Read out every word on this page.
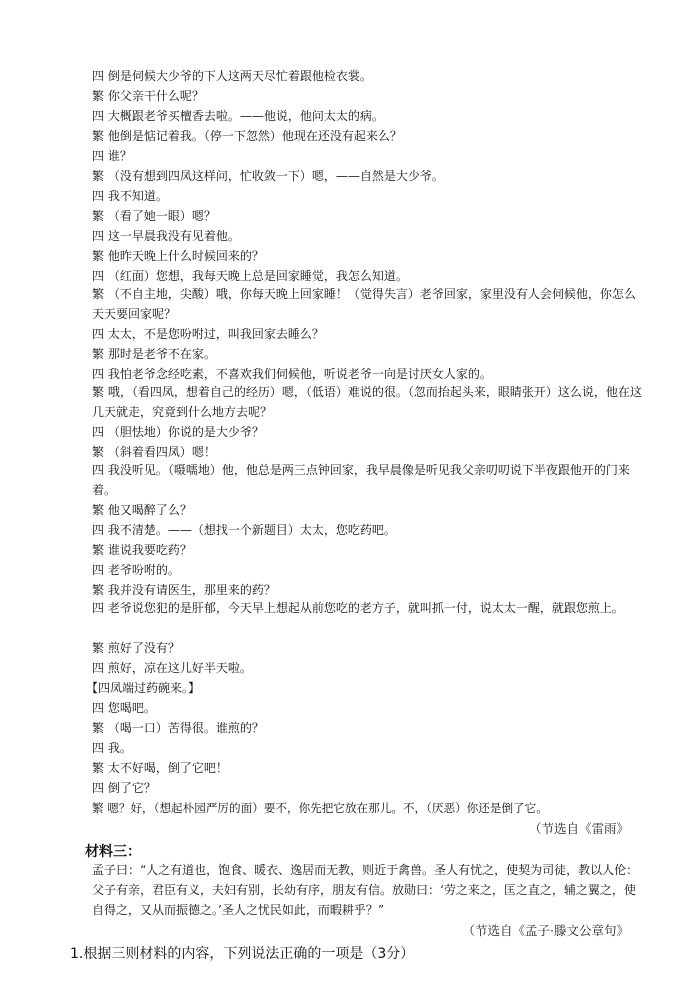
四 倒是伺候大少爷的下人这两天尽忙着跟他检衣裳。
繁 你父亲干什么呢？
四 大概跟老爷买檀香去啦。——他说，他问太太的病。
繁 他倒是惦记着我。（停一下忽然）他现在还没有起来么？
四 谁？
繁 （没有想到四凤这样问，忙收敛一下）嗯，——自然是大少爷。
四 我不知道。
繁 （看了她一眼）嗯？
四 这一早晨我没有见着他。
繁 他昨天晚上什么时候回来的？
四 （红面）您想，我每天晚上总是回家睡觉，我怎么知道。
繁 （不自主地，尖酸）哦，你每天晚上回家睡！（觉得失言）老爷回家，家里没有人会伺候他，你怎么天天要回家呢？
四 太太，不是您吩咐过，叫我回家去睡么？
繁 那时是老爷不在家。
四 我怕老爷念经吃素，不喜欢我们伺候他，听说老爷一向是讨厌女人家的。
繁 哦，（看四凤，想着自己的经历）嗯，（低语）难说的很。（忽而抬起头来，眼睛张开）这么说，他在这几天就走，究竟到什么地方去呢？
四 （胆怯地）你说的是大少爷？
繁 （斜着看四凤）嗯！
四 我没听见。（嗫嚅地）他，他总是两三点钟回家，我早晨像是听见我父亲叨叨说下半夜跟他开的门来着。
繁 他又喝醉了么？
四 我不清楚。——（想找一个新题目）太太，您吃药吧。
繁 谁说我要吃药？
四 老爷吩咐的。
繁 我并没有请医生，那里来的药？
四 老爷说您犯的是肝郁，今天早上想起从前您吃的老方子，就叫抓一付，说太太一醒，就跟您煎上。
繁 煎好了没有？
四 煎好，凉在这儿好半天啦。
【四凤端过药碗来。】
四 您喝吧。
繁 （喝一口）苦得很。谁煎的？
四 我。
繁 太不好喝，倒了它吧！
四 倒了它？
繁 嗯？好，（想起朴园严厉的面）要不，你先把它放在那儿。不，（厌恶）你还是倒了它。
（节选自《雷雨》
材料三：
孟子曰：“人之有道也，饱食、暖衣、逸居而无教，则近于禽兽。圣人有忧之，使契为司徒，教以人伦：父子有亲，君臣有义，夫妇有别，长幼有序，朋友有信。放勋曰：‘劳之来之，匡之直之，辅之翼之，使自得之，又从而振德之。’圣人之忧民如此，而暇耕乎？”
（节选自《孟子·滕文公章句》
1.根据三则材料的内容，下列说法正确的一项是（3分）
